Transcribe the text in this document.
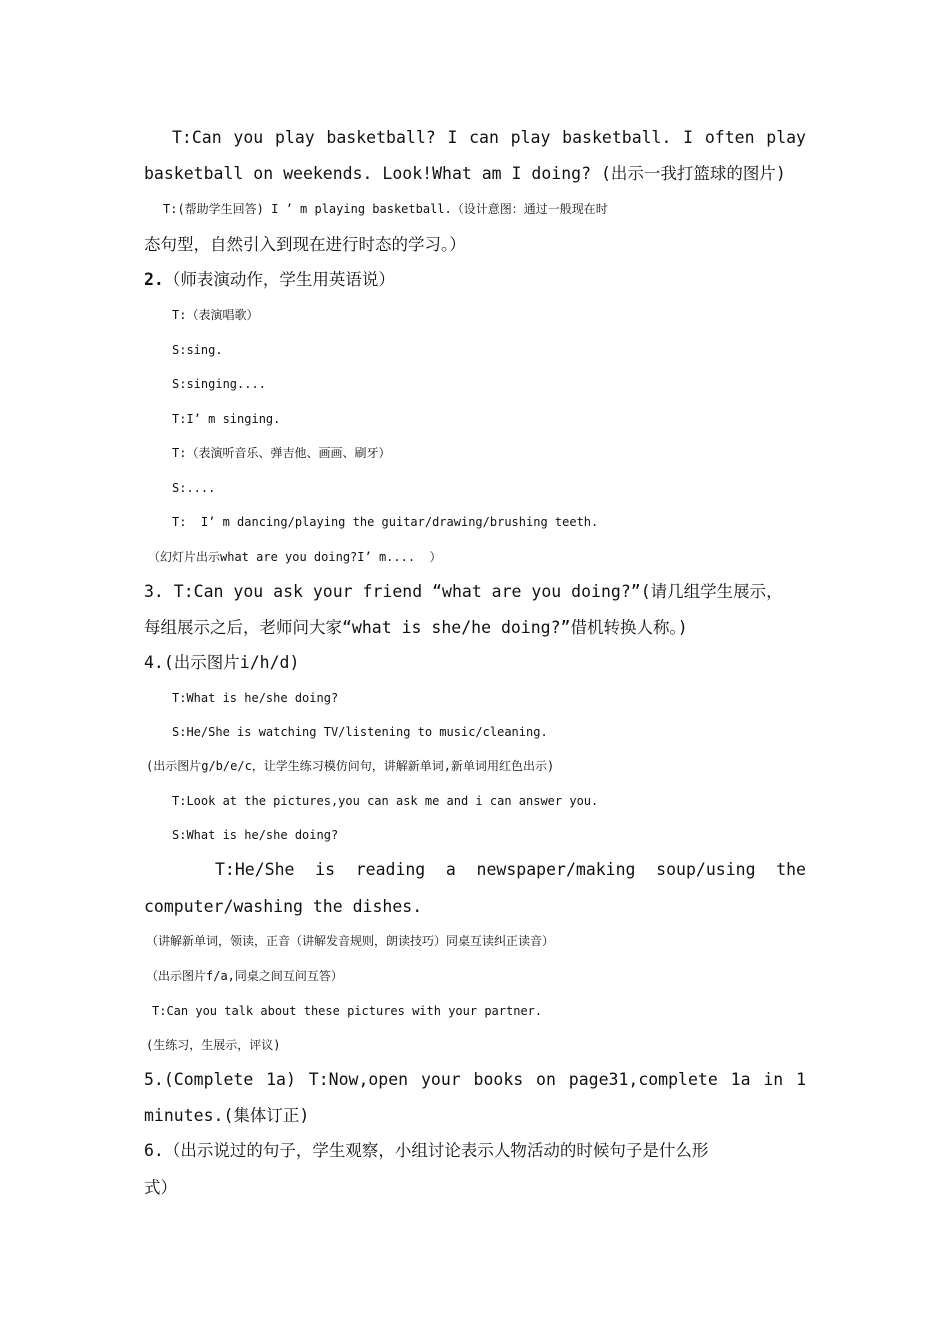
T:Can you play basketball? I can play basketball. I often play
basketball on weekends. Look!What am I doing? (出示一我打篮球的图片)
T:(帮助学生回答) I ’ m playing basketball.（设计意图：通过一般现在时
态句型，自然引入到现在进行时态的学习。）
2.（师表演动作，学生用英语说）
T:（表演唱歌）
S:sing.
S:singing....
T:I’ m singing.
T:（表演听音乐、弹吉他、画画、刷牙）
S:....
T:  I’ m dancing/playing the guitar/drawing/brushing teeth.
（幻灯片出示what are you doing?I’ m....  ）
3. T:Can you ask your friend “what are you doing?”(请几组学生展示，
每组展示之后，老师问大家“what is she/he doing?”借机转换人称。)
4.(出示图片i/h/d)
T:What is he/she doing?
S:He/She is watching TV/listening to music/cleaning.
(出示图片g/b/e/c，让学生练习模仿问句，讲解新单词,新单词用红色出示)
T:Look at the pictures,you can ask me and i can answer you.
S:What is he/she doing?
T:He/She is reading a newspaper/making soup/using the
computer/washing the dishes.
（讲解新单词，领读，正音（讲解发音规则，朗读技巧）同桌互读纠正读音）
（出示图片f/a,同桌之间互问互答）
T:Can you talk about these pictures with your partner.
(生练习，生展示，评议)
5.(Complete 1a) T:Now,open your books on page31,complete 1a in 1
minutes.(集体订正)
6.（出示说过的句子，学生观察，小组讨论表示人物活动的时候句子是什么形
式）
